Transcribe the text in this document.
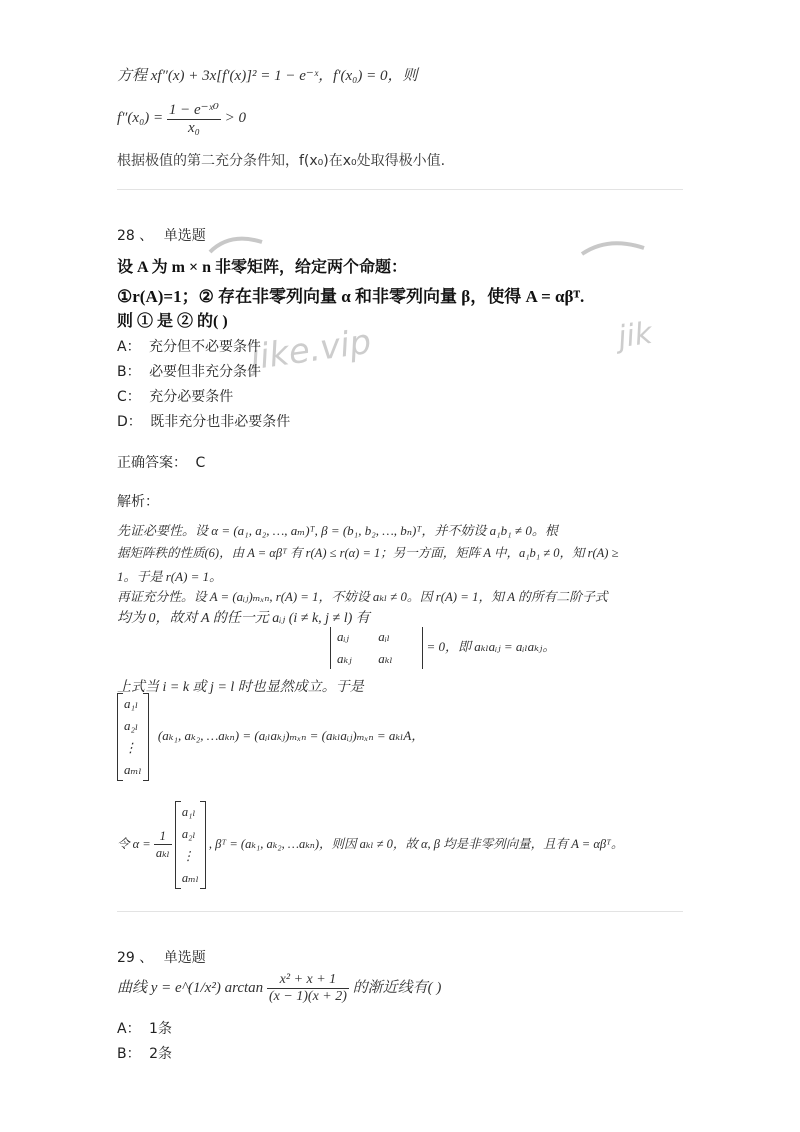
方程 xf″(x) + 3x[f′(x)]² = 1 − e⁻ˣ，f′(x₀) = 0，则
$f''(x_0) = \frac{\text{1 − e⁻ˣ⁰}}{\text{x₀}} > 0$
根据极值的第二充分条件知，f(x₀)在x₀处取得极小值.
28 、 单选题
jike.vip	jik
设 A 为 m × n 非零矩阵，给定两个命题：
①r(A)=1；② 存在非零列向量 α 和非零列向量 β，使得 A = αβᵀ.
则 ① 是 ② 的( )
A： 充分但不必要条件
B： 必要但非充分条件
C： 充分必要条件
D： 既非充分也非必要条件
正确答案： C
解析：
先证必要性。设 α = (a₁, a₂, …, aₘ)ᵀ, β = (b₁, b₂, …, bₙ)ᵀ，并不妨设 a₁b₁ ≠ 0。根
据矩阵秩的性质(6)，由 A = αβᵀ 有 r(A) ≤ r(α) = 1；另一方面，矩阵 A 中，a₁b₁ ≠ 0，知 r(A) ≥
1。于是 r(A) = 1。
再证充分性。设 A = (aᵢⱼ)ₘₓₙ, r(A) = 1，不妨设 aₖₗ ≠ 0。因 r(A) = 1，知 A 的所有二阶子式
均为 0，故对 A 的任一元 aᵢⱼ (i ≠ k, j ≠ l) 有
aᵢⱼ aᵢₗ
aₖⱼ aₖₗ
= 0，即 aₖₗaᵢⱼ = aᵢₗaₖⱼ。
上式当 i = k 或 j = l 时也显然成立。于是
a₁ₗ
a₂ₗ
⋮
aₘₗ
(aₖ₁, aₖ₂, …aₖₙ) = (aᵢₗaₖⱼ)ₘₓₙ = (aₖₗaᵢⱼ)ₘₓₙ = aₖₗA，
令 $\alpha = \frac{1}{\text{aₖₗ}}$

a₁ₗ
a₂ₗ
⋮
aₘₗ
, βᵀ = (aₖ₁, aₖ₂, …aₖₙ)，则因 aₖₗ ≠ 0，故 α, β 均是非零列向量，且有 A = αβᵀ。
29 、 单选题
曲线 y = e^(1/x²) $\arctan \frac{\text{x² + x + 1}}{(x - 1)(x + 2)}$ 的渐近线有( )
A： 1条
B： 2条
